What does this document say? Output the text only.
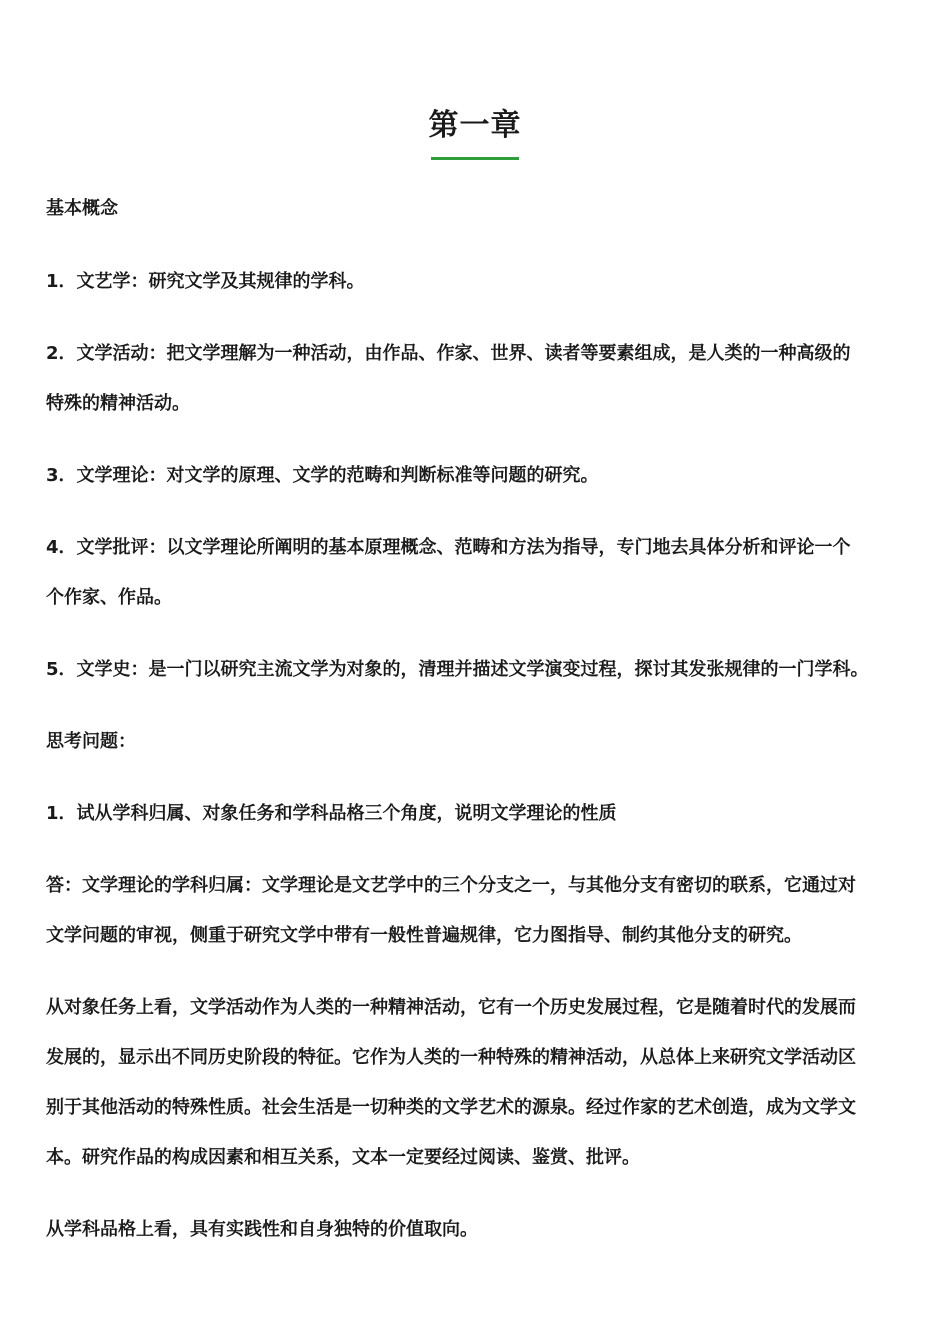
第一章
基本概念
1．文艺学：研究文学及其规律的学科。
2．文学活动：把文学理解为一种活动，由作品、作家、世界、读者等要素组成，是人类的一种高级的
特殊的精神活动。
3．文学理论：对文学的原理、文学的范畴和判断标准等问题的研究。
4．文学批评：以文学理论所阐明的基本原理概念、范畴和方法为指导，专门地去具体分析和评论一个
个作家、作品。
5．文学史：是一门以研究主流文学为对象的，清理并描述文学演变过程，探讨其发张规律的一门学科。
思考问题：
1．试从学科归属、对象任务和学科品格三个角度，说明文学理论的性质
答：文学理论的学科归属：文学理论是文艺学中的三个分支之一，与其他分支有密切的联系，它通过对
文学问题的审视，侧重于研究文学中带有一般性普遍规律，它力图指导、制约其他分支的研究。
从对象任务上看，文学活动作为人类的一种精神活动，它有一个历史发展过程，它是随着时代的发展而
发展的，显示出不同历史阶段的特征。它作为人类的一种特殊的精神活动，从总体上来研究文学活动区
别于其他活动的特殊性质。社会生活是一切种类的文学艺术的源泉。经过作家的艺术创造，成为文学文
本。研究作品的构成因素和相互关系，文本一定要经过阅读、鉴赏、批评。
从学科品格上看，具有实践性和自身独特的价值取向。
